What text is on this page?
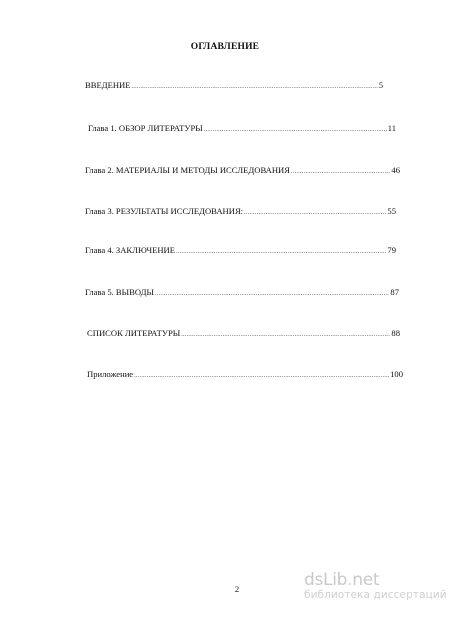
ОГЛАВЛЕНИЕ
ВВЕДЕНИЕ .....	5
Глава 1. ОБЗОР ЛИТЕРАТУРЫ .....	11
Глава 2. МАТЕРИАЛЫ И МЕТОДЫ ИССЛЕДОВАНИЯ .....	46
Глава 3. РЕЗУЛЬТАТЫ ИССЛЕДОВАНИЯ: .....	55
Глава 4. ЗАКЛЮЧЕНИЕ .....	79
Глава 5. ВЫВОДЫ .....	87
СПИСОК ЛИТЕРАТУРЫ .....	88
Приложение .....	100
2	dsLib.net
библиотека диссертаций
